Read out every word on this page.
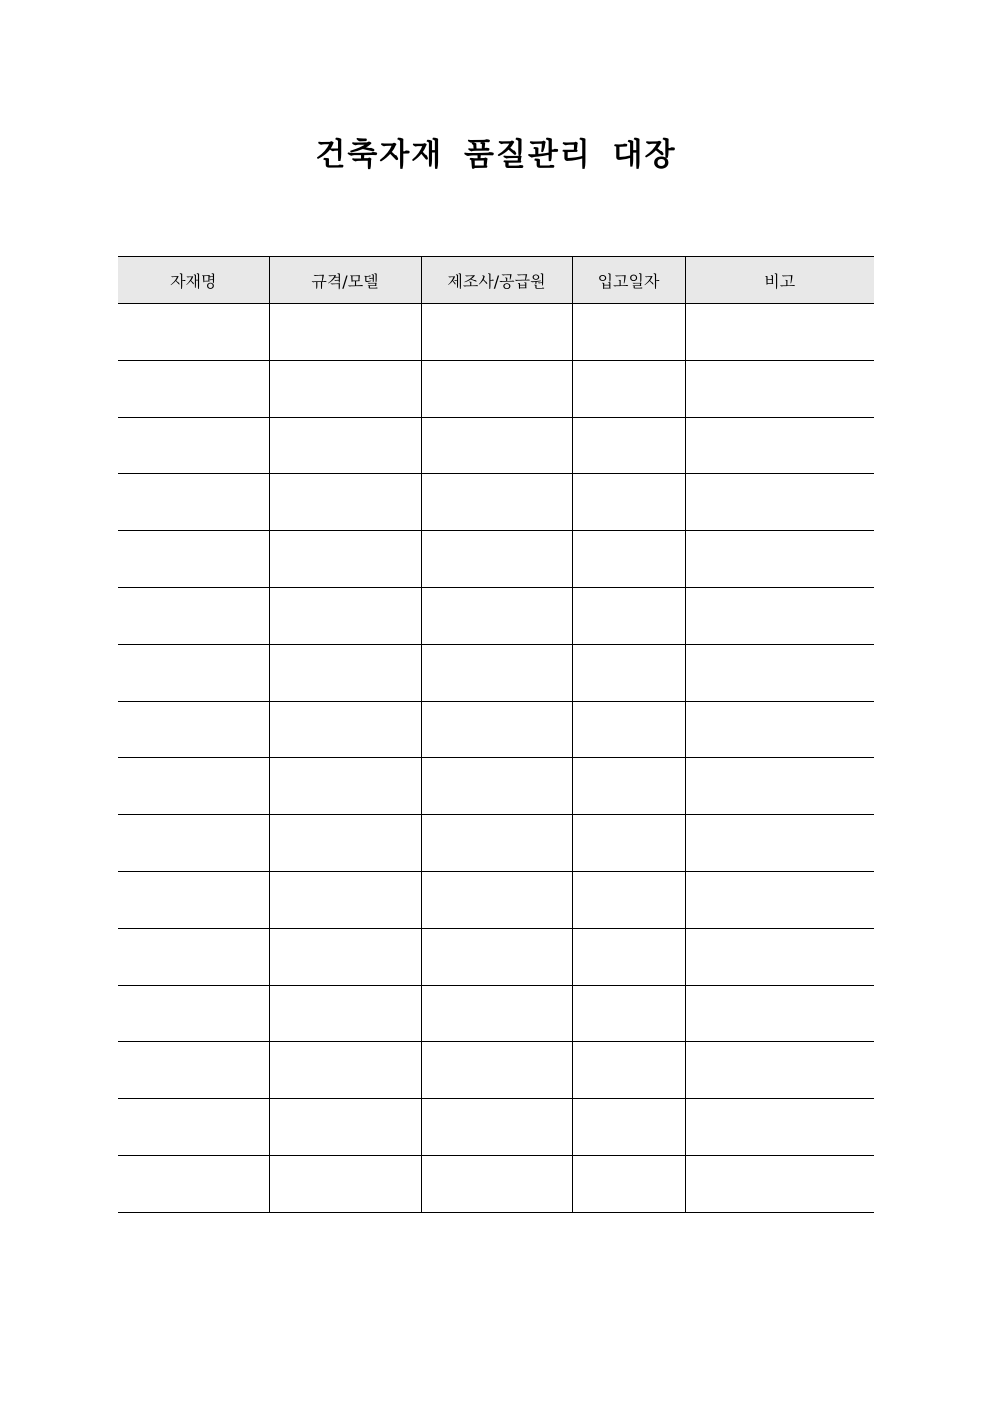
건축자재 품질관리 대장
자재명	규격/모델	제조사/공급원	입고일자	비고
